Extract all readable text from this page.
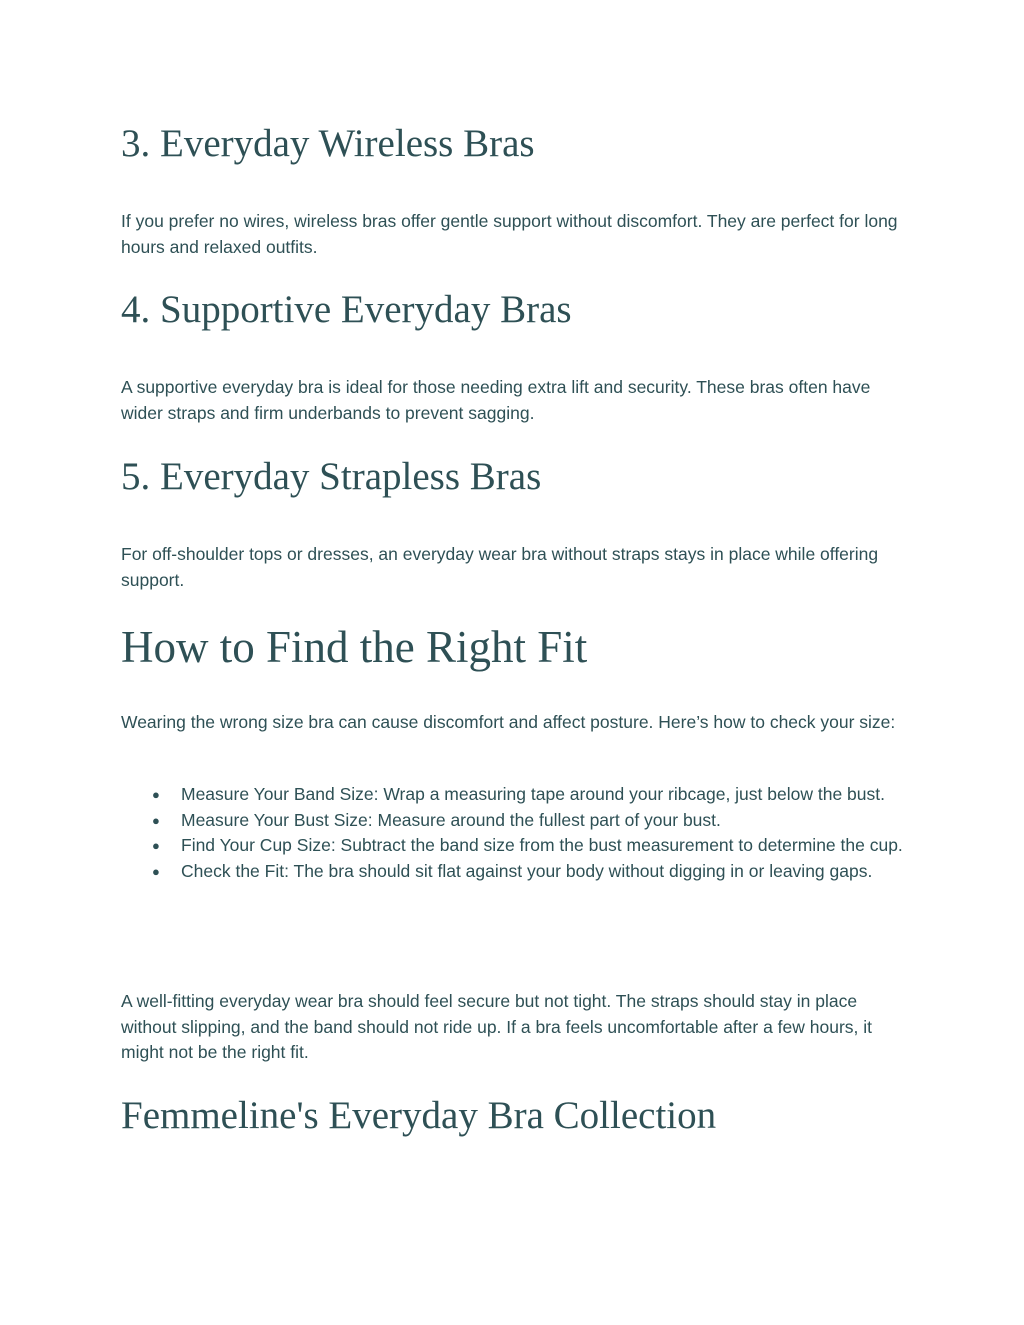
3. Everyday Wireless Bras

If you prefer no wires, wireless bras offer gentle support without discomfort. They are perfect for long hours and relaxed outfits.

4. Supportive Everyday Bras

A supportive everyday bra is ideal for those needing extra lift and security. These bras often have wider straps and firm underbands to prevent sagging.

5. Everyday Strapless Bras

For off-shoulder tops or dresses, an everyday wear bra without straps stays in place while offering support.

How to Find the Right Fit

Wearing the wrong size bra can cause discomfort and affect posture. Here’s how to check your size:

● Measure Your Band Size: Wrap a measuring tape around your ribcage, just below the bust.
● Measure Your Bust Size: Measure around the fullest part of your bust.
● Find Your Cup Size: Subtract the band size from the bust measurement to determine the cup.
● Check the Fit: The bra should sit flat against your body without digging in or leaving gaps.

A well-fitting everyday wear bra should feel secure but not tight. The straps should stay in place without slipping, and the band should not ride up. If a bra feels uncomfortable after a few hours, it might not be the right fit.

Femmeline's Everyday Bra Collection
